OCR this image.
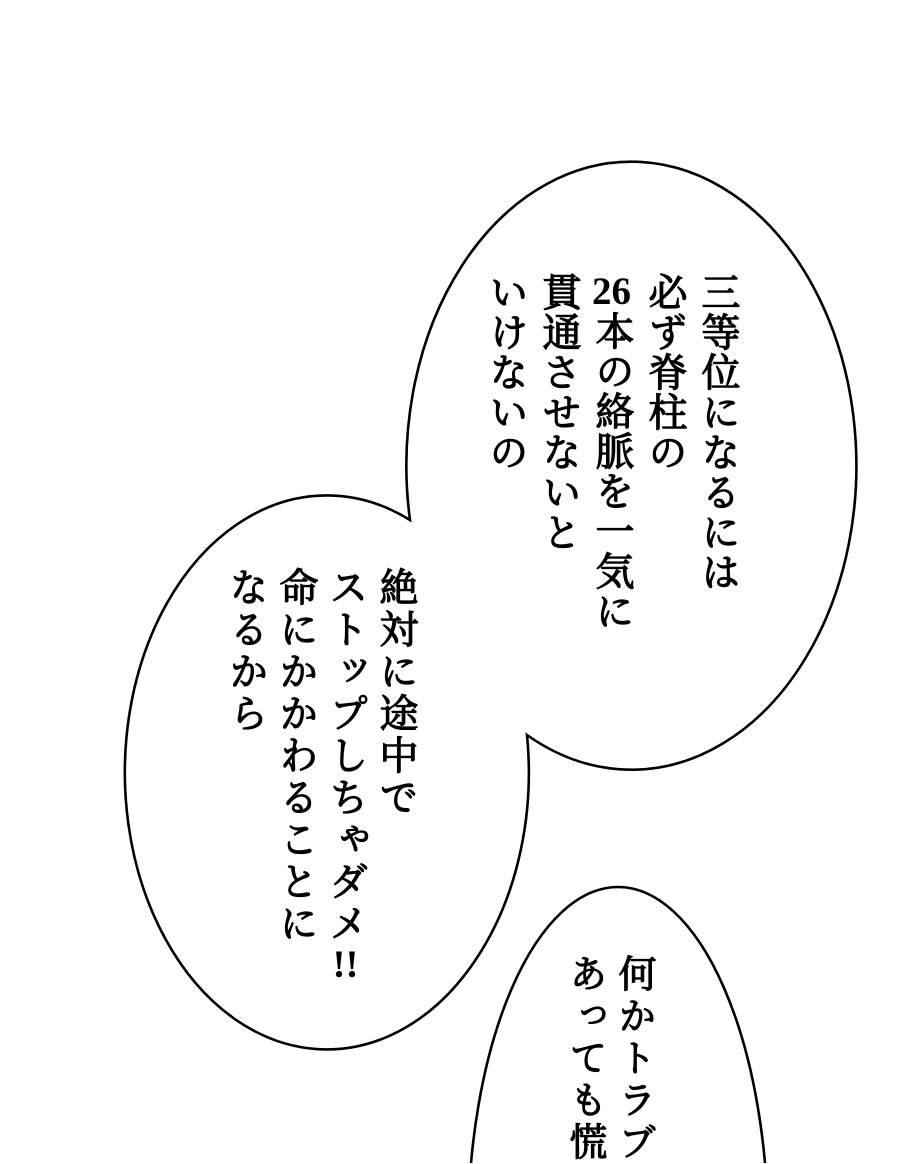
三等位になるには
必ず脊柱の
26本の絡脈を一気に
貫通させないと
いけないの
絶対に途中で
ストップしちゃダメ!!
命にかかわることに
なるから
何かトラブ
あっても慌
